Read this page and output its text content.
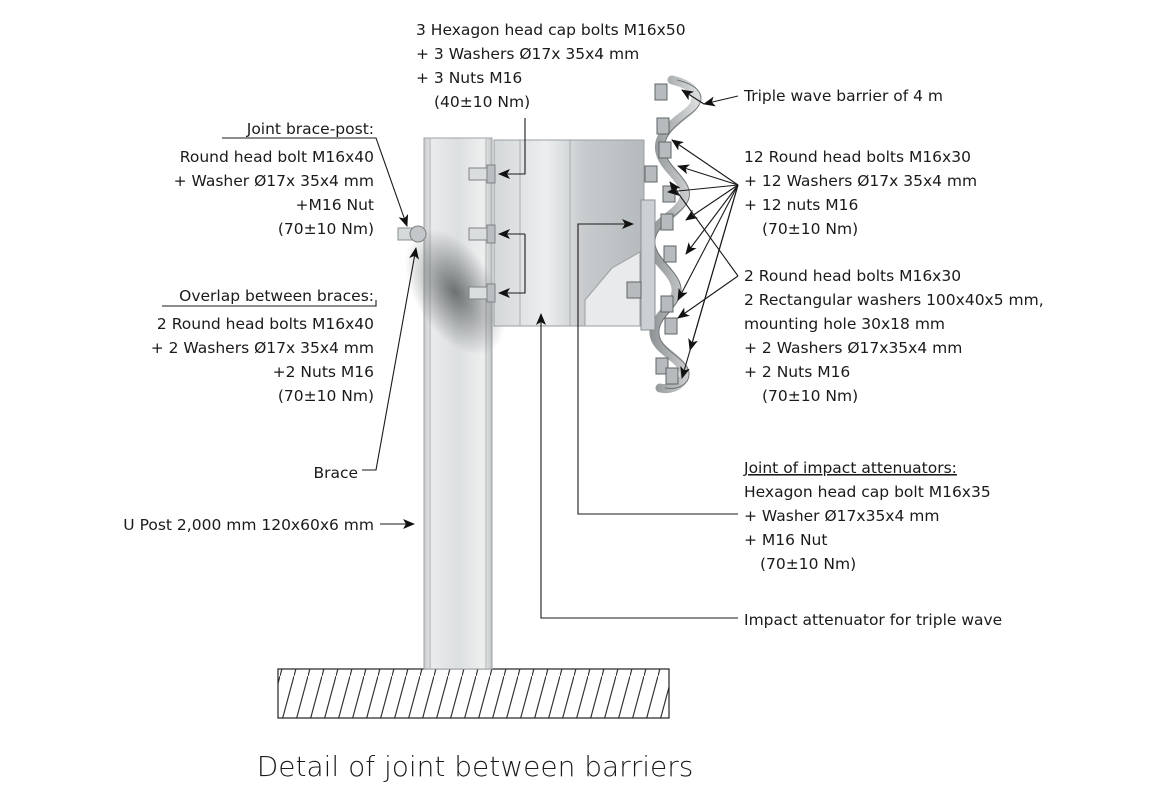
3 Hexagon head cap bolts M16x50
+ 3 Washers Ø17x 35x4 mm
+ 3 Nuts M16
(40±10 Nm)	Triple wave barrier of 4 m
12 Round head bolts M16x30
+ 12 Washers Ø17x 35x4 mm
+ 12 nuts M16
(70±10 Nm)
2 Round head bolts M16x30
2 Rectangular washers 100x40x5 mm,
mounting hole 30x18 mm
+ 2 Washers Ø17x35x4 mm
+ 2 Nuts M16
(70±10 Nm)
Joint of impact attenuators:
Hexagon head cap bolt M16x35
+ Washer Ø17x35x4 mm
+ M16 Nut
(70±10 Nm)
Impact attenuator for triple wave
Joint brace-post:
Round head bolt M16x40
+ Washer Ø17x 35x4 mm
+M16 Nut
(70±10 Nm)
Overlap between braces:
2 Round head bolts M16x40
+ 2 Washers Ø17x 35x4 mm
+2 Nuts M16
(70±10 Nm)
Brace
U Post 2,000 mm 120x60x6 mm
Detail of joint between barriers
